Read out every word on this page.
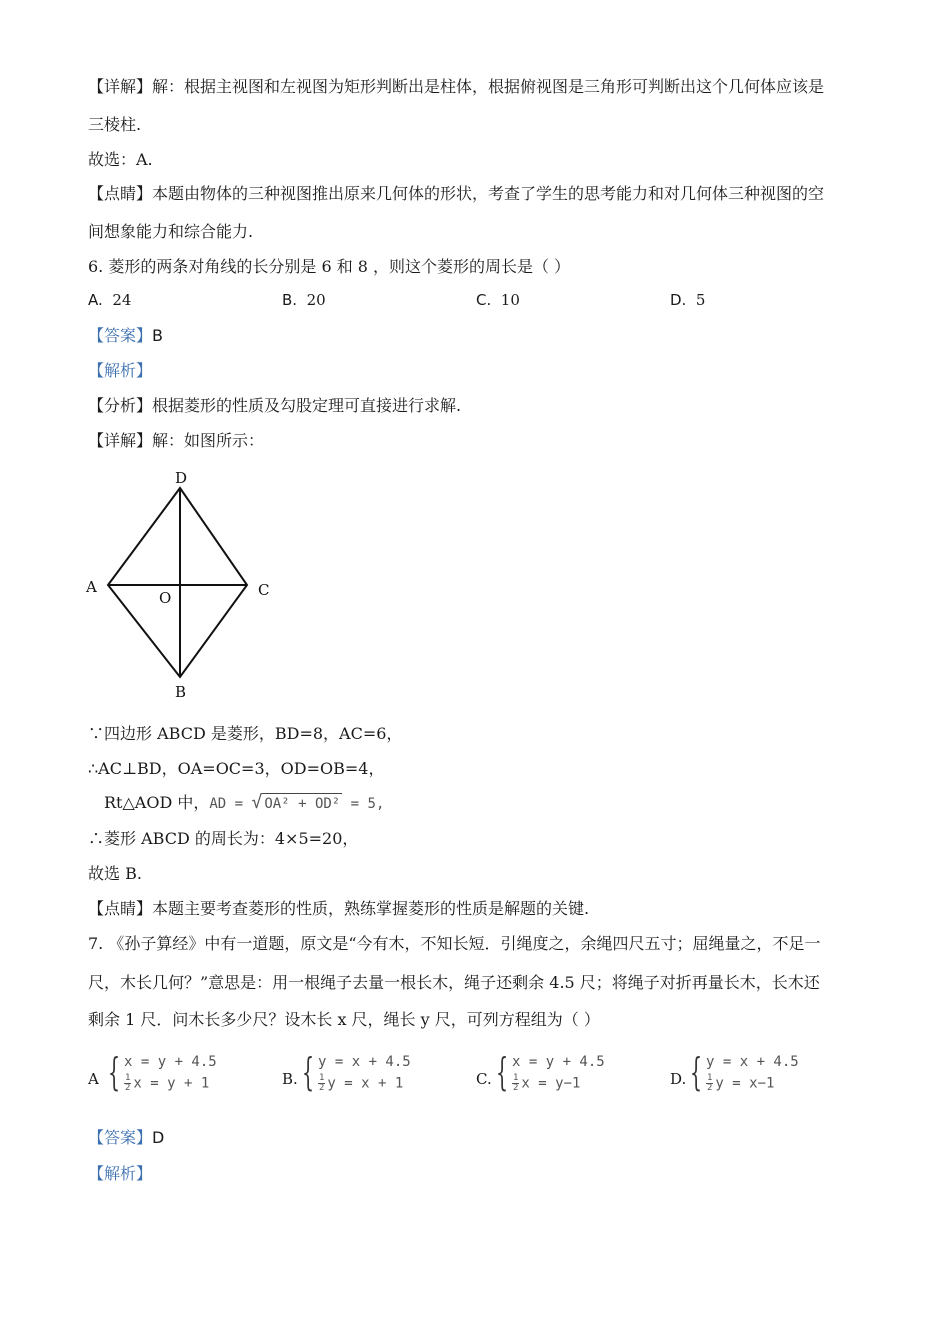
【详解】解：根据主视图和左视图为矩形判断出是柱体，根据俯视图是三角形可判断出这个几何体应该是
三棱柱.
故选：A.
【点睛】本题由物体的三种视图推出原来几何体的形状，考查了学生的思考能力和对几何体三种视图的空
间想象能力和综合能力.
6. 菱形的两条对角线的长分别是 6 和 8 ，则这个菱形的周长是（ ）
A. 24	B. 20	C. 10	D. 5
【答案】B
【解析】
【分析】根据菱形的性质及勾股定理可直接进行求解.
【详解】解：如图所示：
D
A
O	C
B
∵四边形 ABCD 是菱形，BD=8，AC=6，
∴AC⊥BD，OA=OC=3，OD=OB=4，
Rt△AOD 中，AD = √ OA² + OD² = 5,
∴菱形 ABCD 的周长为：4×5=20，
故选 B.
【点睛】本题主要考查菱形的性质，熟练掌握菱形的性质是解题的关键.
7. 《孙子算经》中有一道题，原文是“今有木，不知长短．引绳度之，余绳四尺五寸；屈绳量之，不足一
尺，木长几何？”意思是：用一根绳子去量一根长木，绳子还剩余 4.5 尺；将绳子对折再量长木，长木还
剩余 1 尺．问木长多少尺？设木长 x 尺，绳长 y 尺，可列方程组为（ ）
A { x = y + 4.5
$\frac{1}{2}$ x = y + 1	B. { y = x + 4.5
$\frac{1}{2}$ y = x + 1	C. { x = y + 4.5
$\frac{1}{2}$ x = y−1	D. { y = x + 4.5
$\frac{1}{2}$ y = x−1
【答案】D
【解析】
